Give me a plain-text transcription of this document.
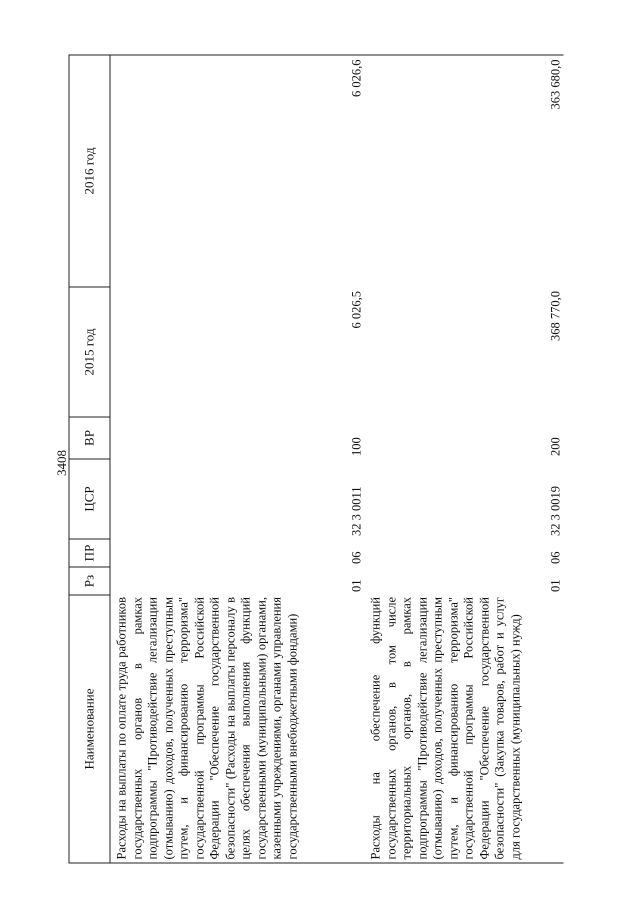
3408
Наименование	Рз	ПР	ЦСР	ВР	2015 год	2016 год
Расходы на выплаты по оплате труда работников государственных органов в рамках подпрограммы "Противодействие легализации (отмыванию) доходов, полученных преступным путем, и финансированию терроризма" государственной программы Российской Федерации "Обеспечение государственной безопасности" (Расходы на выплаты персоналу в целях обеспечения выполнения функций государственными (муниципальными) органами, казенными учреждениями, органами управления государственными внебюджетными фондами)	01	06	32 3 0011	100	6 026,5	6 026,6
Расходы на обеспечение функций государственных органов, в том числе территориальных органов, в рамках подпрограммы "Противодействие легализации (отмыванию) доходов, полученных преступным путем, и финансированию терроризма" государственной программы Российской Федерации "Обеспечение государственной безопасности" (Закупка товаров, работ и услуг для государственных (муниципальных) нужд)	01	06	32 3 0019	200	368 770,0	363 680,0
